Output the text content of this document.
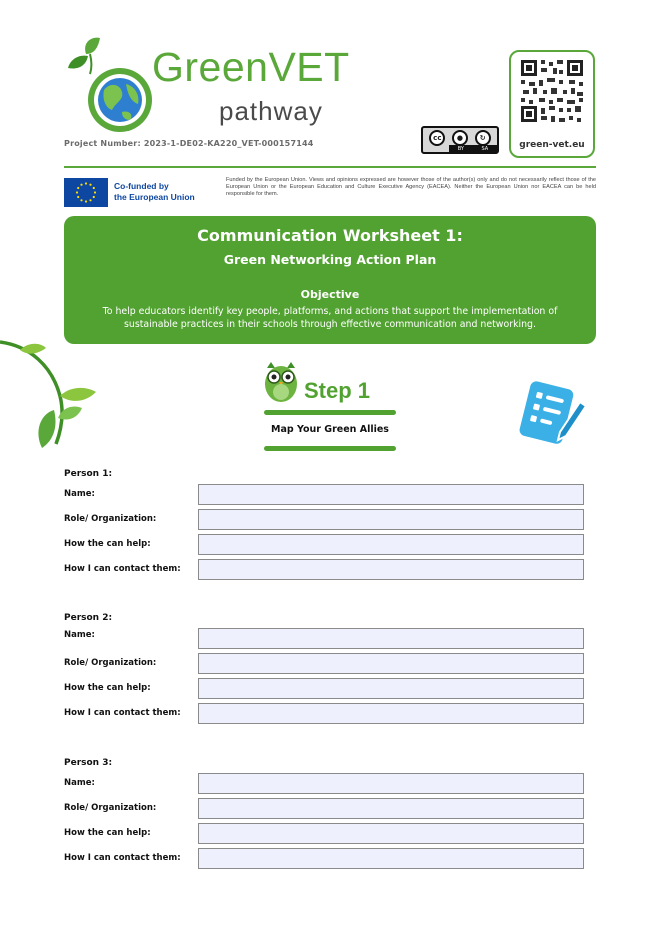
GreenVET
pathway
Project Number: 2023-1-DE02-KA220_VET-000157144
cc	●	↻
BY	SA	green-vet.eu
Co-funded by
the European Union
Funded by the European Union. Views and opinions expressed are however those of the author(s) only and do not necessarily reflect those of the European Union or the European Education and Culture Executive Agency (EACEA). Neither the European Union nor EACEA can be held responsible for them.
Communication Worksheet 1:
Green Networking Action Plan
Objective
To help educators identify key people, platforms, and actions that support the implementation of sustainable practices in their schools through effective communication and networking.
Step 1
Map Your Green Allies
Person 1:
Name:
Role/ Organization:
How the can help:
How I can contact them:
Person 2:
Name:
Role/ Organization:
How the can help:
How I can contact them:
Person 3:
Name:
Role/ Organization:
How the can help:
How I can contact them:
